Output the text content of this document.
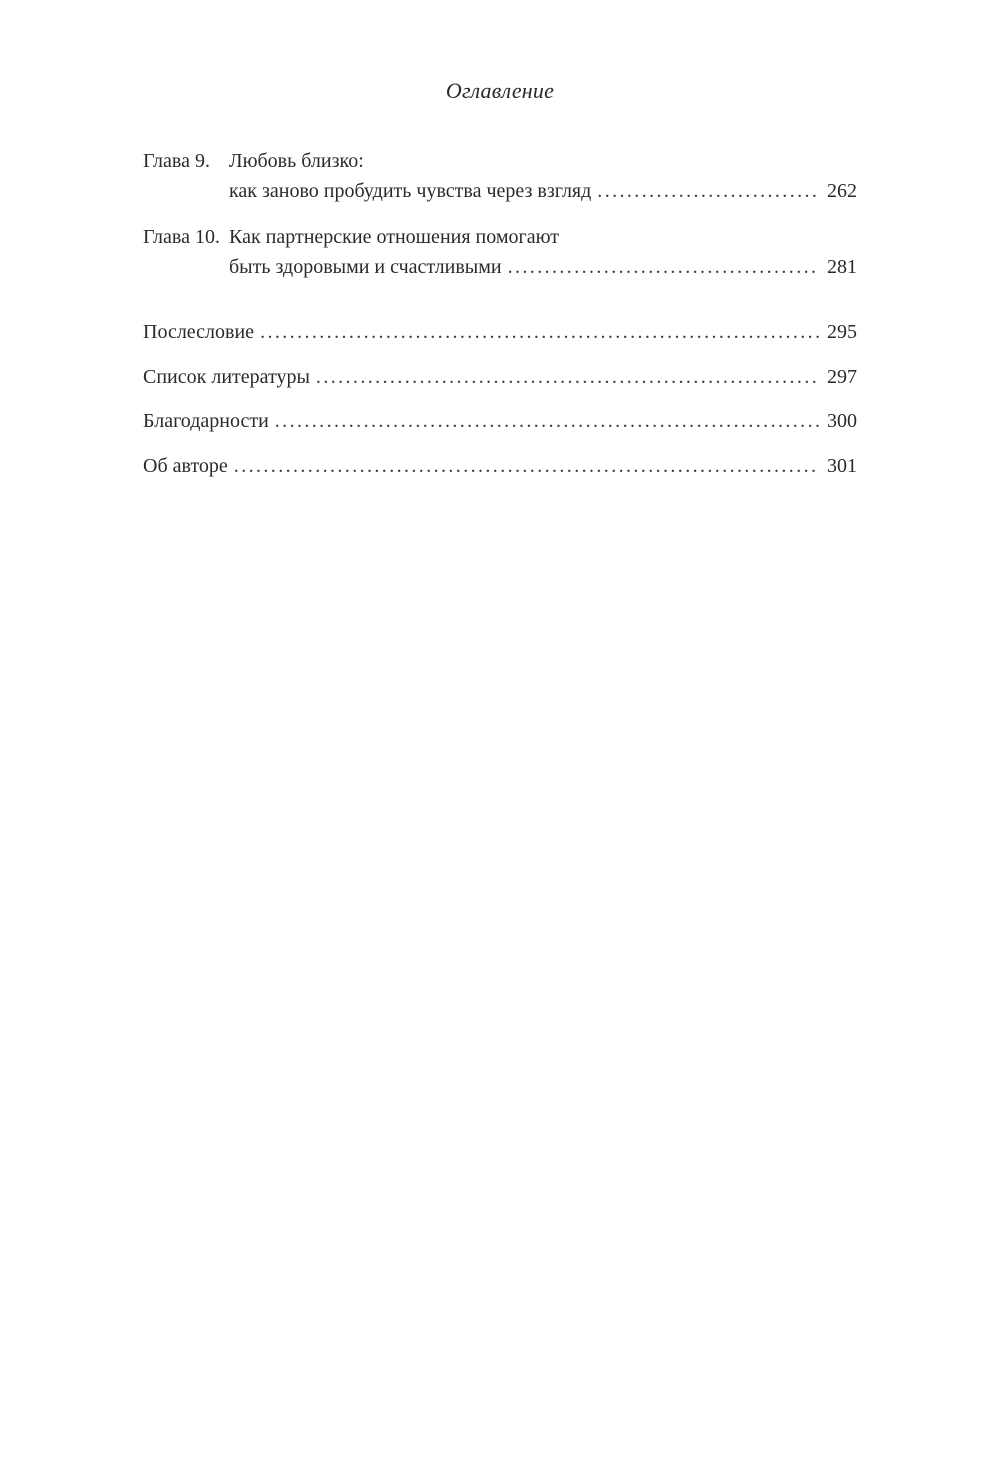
Оглавление
Глава 9. Любовь близко:
как заново пробудить чувства через взгляд . . .	262
Глава 10. Как партнерские отношения помогают
быть здоровыми и счастливыми . . .	281
Послесловие . . .	295
Список литературы . . .	297
Благодарности . . .	300
Об авторе . . .	301
